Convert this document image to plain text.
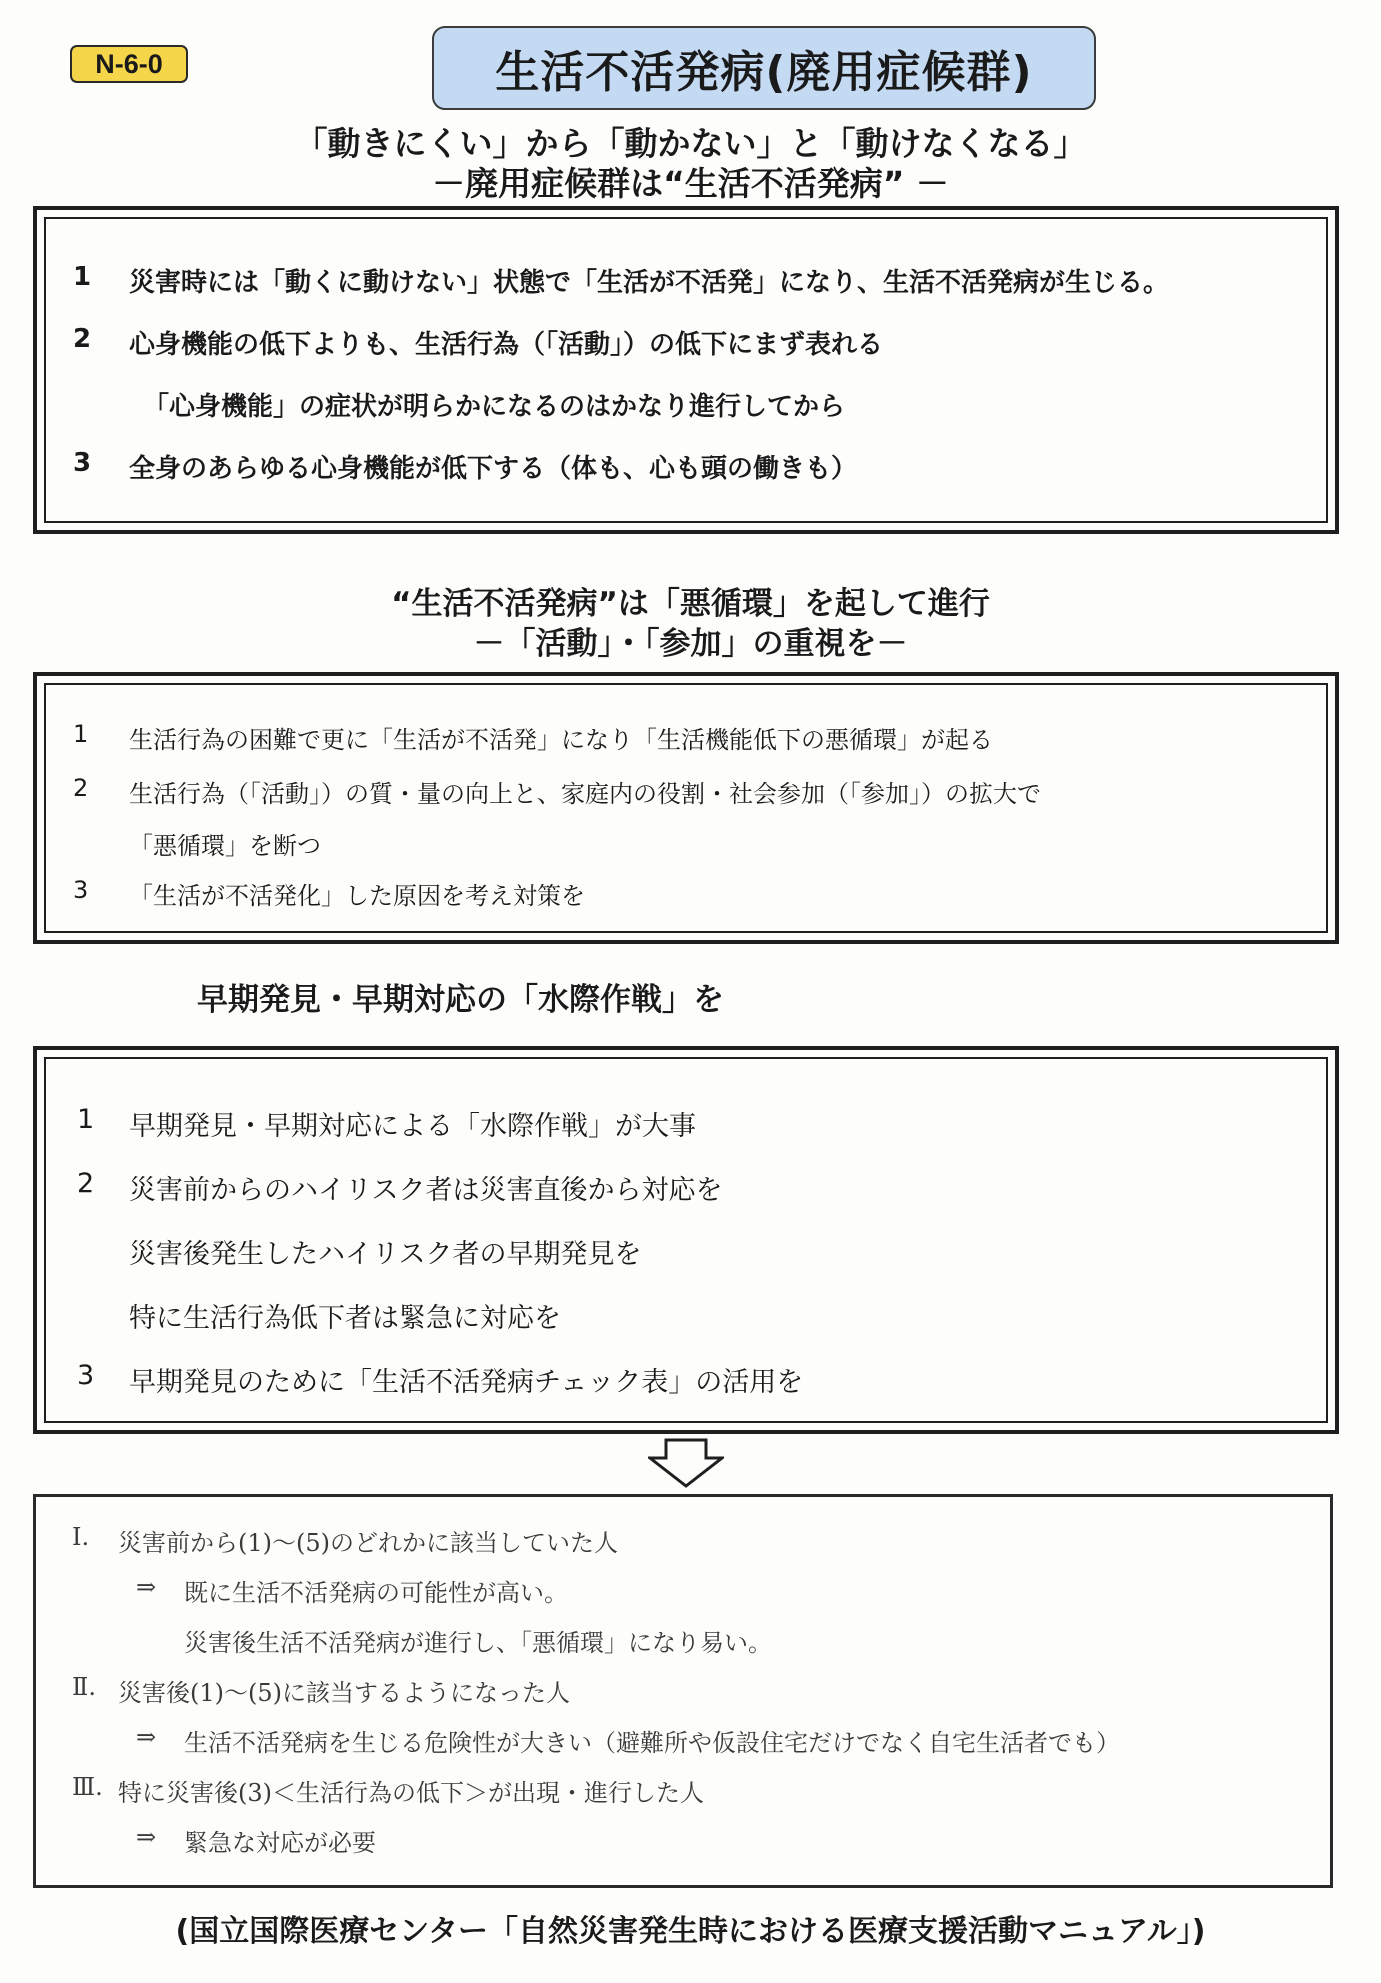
N-6-0	生活不活発病(廃用症候群)
「動きにくい」から「動かない」と「動けなくなる」
－廃用症候群は“生活不活発病” －
1 災害時には「動くに動けない」状態で「生活が不活発」になり、生活不活発病が生じる。
2 心身機能の低下よりも、生活行為（「活動」）の低下にまず表れる
「心身機能」の症状が明らかになるのはかなり進行してから
3 全身のあらゆる心身機能が低下する（体も、心も頭の働きも）
“生活不活発病”は「悪循環」を起して進行
－「活動」・「参加」の重視を－
1 生活行為の困難で更に「生活が不活発」になり「生活機能低下の悪循環」が起る
2 生活行為（「活動」）の質・量の向上と、家庭内の役割・社会参加（「参加」）の拡大で
「悪循環」を断つ
3 「生活が不活発化」した原因を考え対策を
早期発見・早期対応の「水際作戦」を
1 早期発見・早期対応による「水際作戦」が大事
2 災害前からのハイリスク者は災害直後から対応を
災害後発生したハイリスク者の早期発見を
特に生活行為低下者は緊急に対応を
3 早期発見のために「生活不活発病チェック表」の活用を
Ⅰ. 災害前から(1)～(5)のどれかに該当していた人
⇒ 既に生活不活発病の可能性が高い。
災害後生活不活発病が進行し、「悪循環」になり易い。
Ⅱ. 災害後(1)～(5)に該当するようになった人
⇒ 生活不活発病を生じる危険性が大きい（避難所や仮設住宅だけでなく自宅生活者でも）
Ⅲ. 特に災害後(3)＜生活行為の低下＞が出現・進行した人
⇒ 緊急な対応が必要
(国立国際医療センター「自然災害発生時における医療支援活動マニュアル」)
